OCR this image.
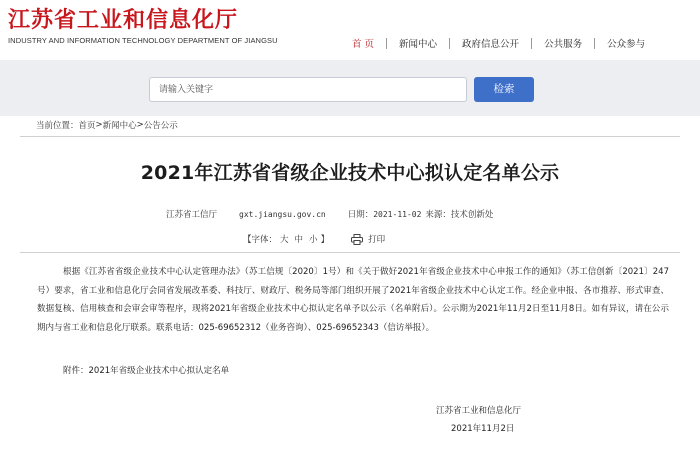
江苏省工业和信息化厅
INDUSTRY AND INFORMATION TECHNOLOGY DEPARTMENT OF JIANGSU	首 页	新闻中心	政府信息公开	公共服务	公众参与
请输入关键字
检索
当前位置： 首页 > 新闻中心 > 公告公示
2021年江苏省省级企业技术中心拟认定名单公示
江苏省工信厅	gxt.jiangsu.gov.cn	日期： 2021-11-02 来源： 技术创新处
【字体： 大 中 小 】	打印

根据《江苏省省级企业技术中心认定管理办法》（苏工信规〔2020〕1号）和《关于做好2021年省级企业技术中心申报工作的通知》（苏工信创新〔2021〕247号）要求，省工业和信息化厅会同省发展改革委、科技厅、财政厅、税务局等部门组织开展了2021年省级企业技术中心认定工作。经企业申报、各市推荐、形式审查、数据复核、信用核查和会审会审等程序，现将2021年省级企业技术中心拟认定名单予以公示（名单附后）。公示期为2021年11月2日至11月8日。如有异议，请在公示期内与省工业和信息化厅联系。联系电话：025-69652312（业务咨询）、025-69652343（信访举报）。

附件：2021年省级企业技术中心拟认定名单
江苏省工业和信息化厅
2021年11月2日
